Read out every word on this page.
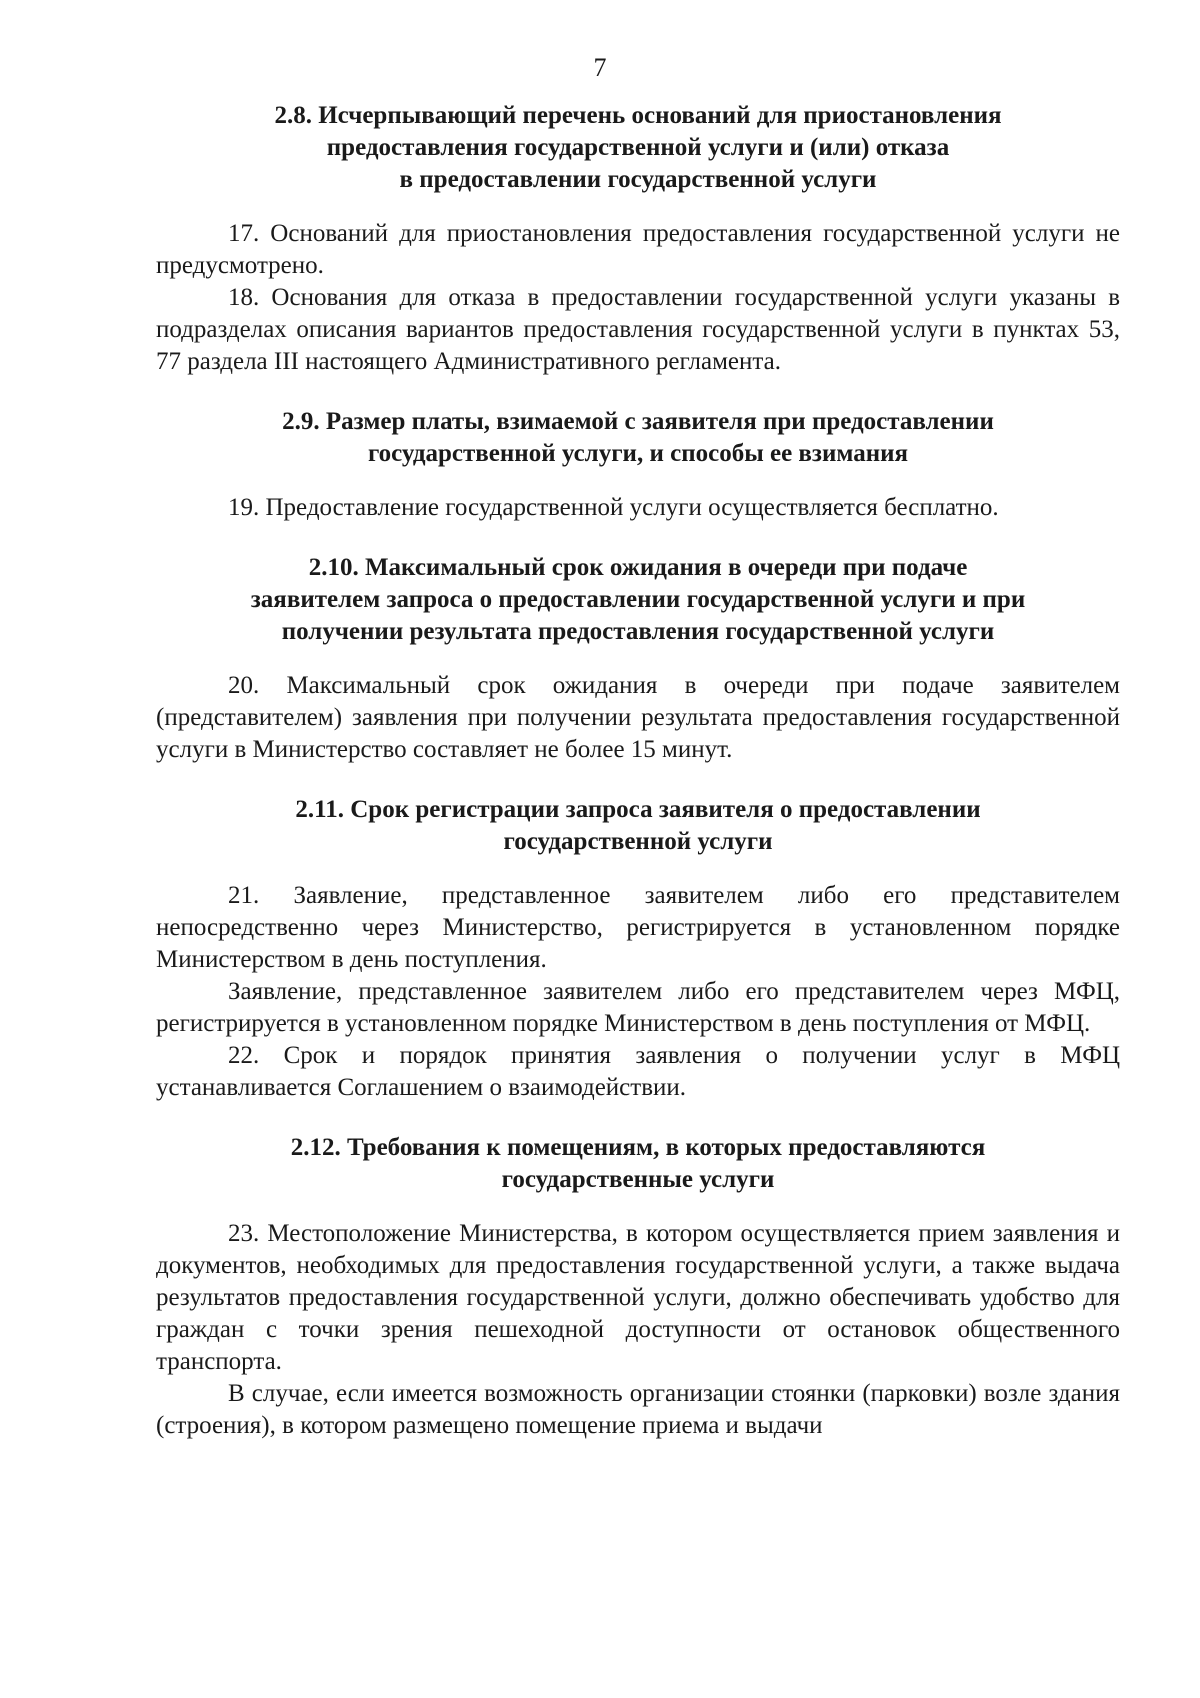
7
2.8. Исчерпывающий перечень оснований для приостановления
предоставления государственной услуги и (или) отказа
в предоставлении государственной услуги

17. Оснований для приостановления предоставления государственной услуги не предусмотрено.

18. Основания для отказа в предоставлении государственной услуги указаны в подразделах описания вариантов предоставления государственной услуги в пунктах 53, 77 раздела III настоящего Административного регламента.

2.9. Размер платы, взимаемой с заявителя при предоставлении
государственной услуги, и способы ее взимания

19. Предоставление государственной услуги осуществляется бесплатно.

2.10. Максимальный срок ожидания в очереди при подаче
заявителем запроса о предоставлении государственной услуги и при
получении результата предоставления государственной услуги

20. Максимальный срок ожидания в очереди при подаче заявителем (представителем) заявления при получении результата предоставления государственной услуги в Министерство составляет не более 15 минут.

2.11. Срок регистрации запроса заявителя о предоставлении
государственной услуги

21. Заявление, представленное заявителем либо его представителем непосредственно через Министерство, регистрируется в установленном порядке Министерством в день поступления.

Заявление, представленное заявителем либо его представителем через МФЦ, регистрируется в установленном порядке Министерством в день поступления от МФЦ.

22. Срок и порядок принятия заявления о получении услуг в МФЦ устанавливается Соглашением о взаимодействии.

2.12. Требования к помещениям, в которых предоставляются
государственные услуги

23. Местоположение Министерства, в котором осуществляется прием заявления и документов, необходимых для предоставления государственной услуги, а также выдача результатов предоставления государственной услуги, должно обеспечивать удобство для граждан с точки зрения пешеходной доступности от остановок общественного транспорта.

В случае, если имеется возможность организации стоянки (парковки) возле здания (строения), в котором размещено помещение приема и выдачи
